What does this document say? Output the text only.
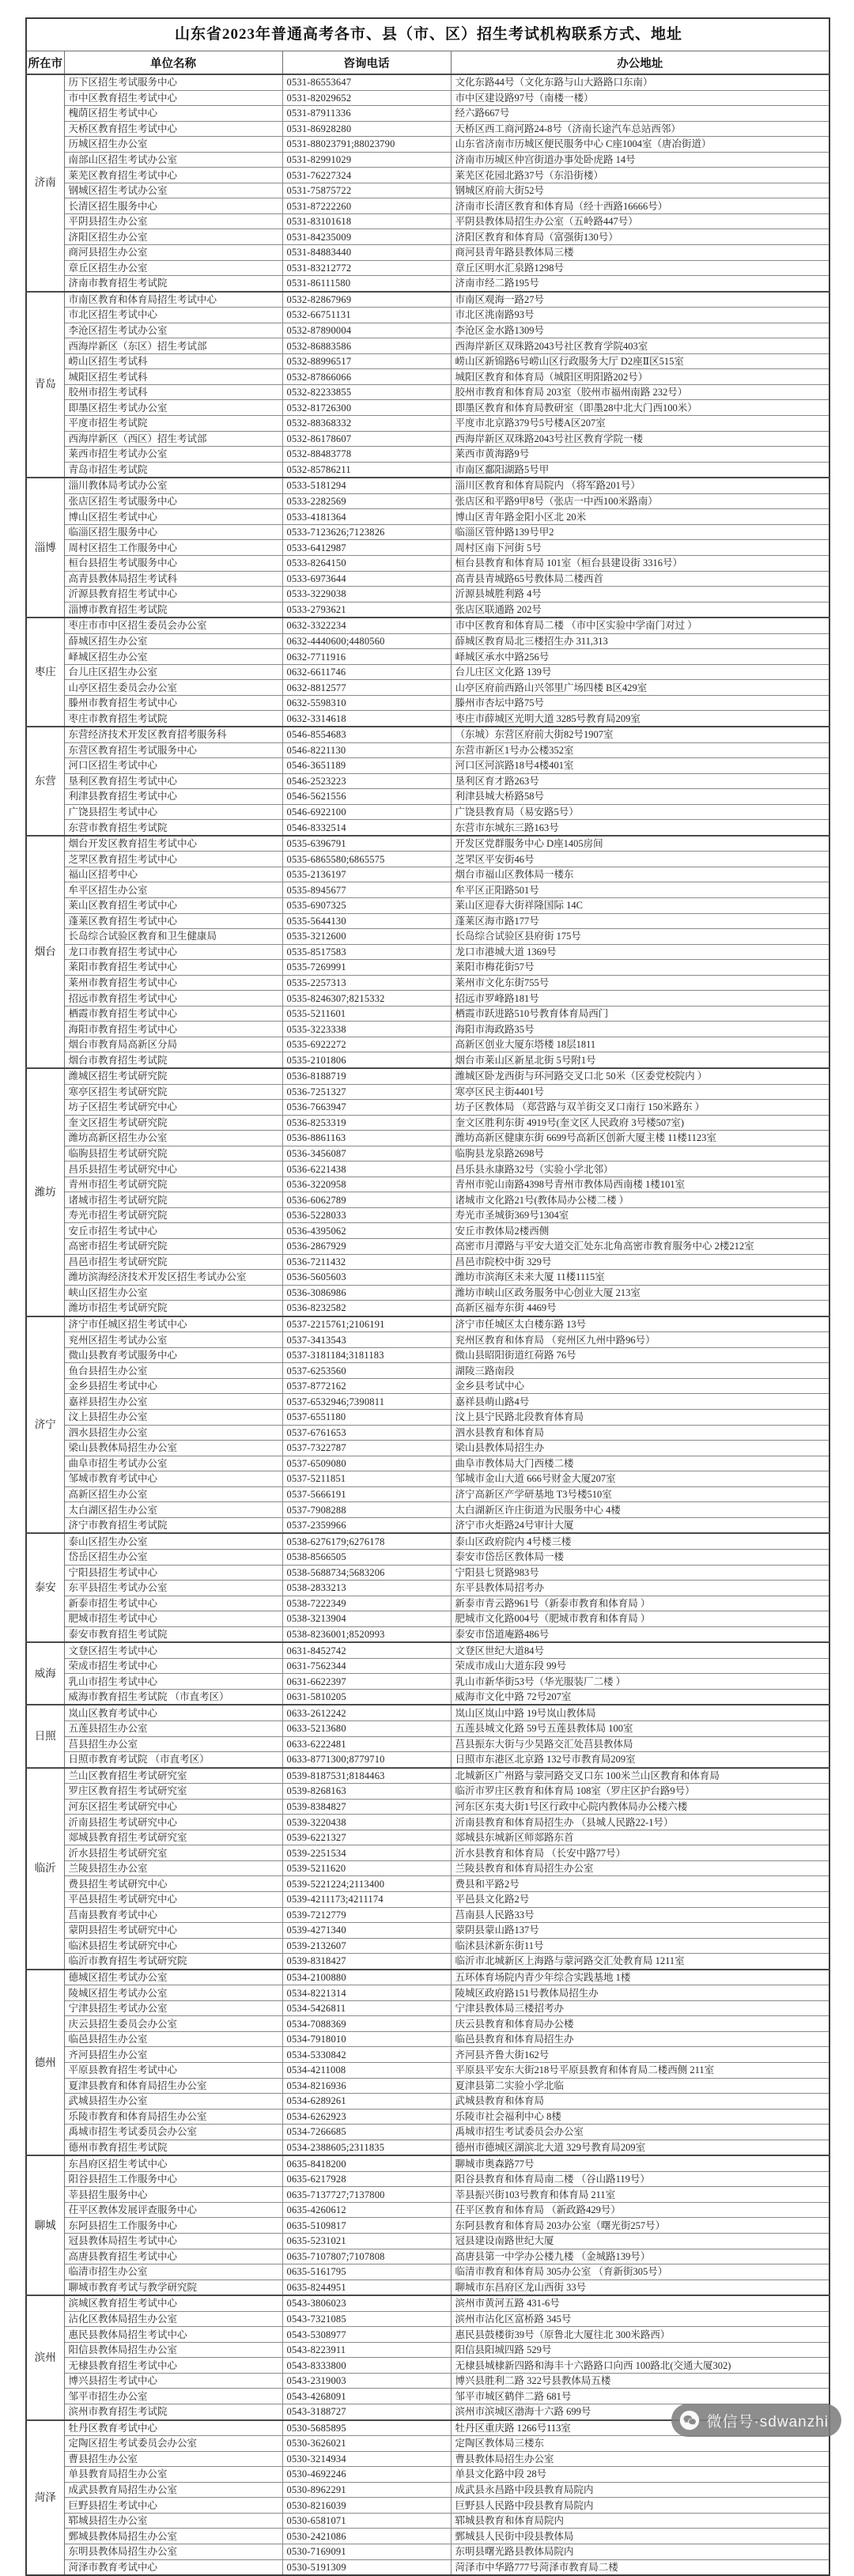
山东省2023年普通高考各市、县（市、区）招生考试机构联系方式、地址			
所在市	单位名称	咨询电话	办公地址
济南	历下区招生考试服务中心	0531-86553647	文化东路44号（文化东路与山大路路口东南）
	市中区教育招生考试中心	0531-82029652	市中区建设路97号（南楼一楼）
	槐荫区招生考试中心	0531-87911336	经六路667号
	天桥区教育招生考试中心	0531-86928280	天桥区西工商河路24-8号（济南长途汽车总站西邻）
	历城区招生办公室	0531-88023791;88023790	山东省济南市历城区便民服务中心 C座1004室（唐冶街道）
	南部山区招生考试办公室	0531-82991029	济南市历城区仲宫街道办事处卧虎路 14号
	莱芜区教育招生考试中心	0531-76227324	莱芜区花园北路37号（东沿街楼）
	钢城区招生考试办公室	0531-75875722	钢城区府前大街52号
	长清区招生服务中心	0531-87222260	济南市长清区教育和体育局（经十西路16666号）
	平阴县招生办公室	0531-83101618	平阴县教体局招生办公室（五岭路447号）
	济阳区招生办公室	0531-84235009	济阳区教育和体育局（富强街130号）
	商河县招生办公室	0531-84883440	商河县青年路县教体局三楼
	章丘区招生办公室	0531-83212772	章丘区明水汇泉路1298号
	济南市教育招生考试院	0531-86111580	济南市经二路195号
青岛	市南区教育和体育局招生考试中心	0532-82867969	市南区观海一路27号
	市北区招生考试中心	0532-66751131	市北区洮南路93号
	李沧区招生考试办公室	0532-87890004	李沧区金水路1309号
	西海岸新区（东区）招生考试部	0532-86883586	西海岸新区双珠路2043号社区教育学院403室
	崂山区招生考试科	0532-88996517	崂山区新锦路6号崂山区行政服务大厅 D2座Ⅱ区515室
	城阳区招生考试科	0532-87866066	城阳区教育和体育局（城阳区明阳路202号）
	胶州市招生考试科	0532-82233855	胶州市教育和体育局 203室（胶州市福州南路 232号）
	即墨区招生考试办公室	0532-81726300	即墨区教育和体育局教研室（即墨28中北大门西100米）
	平度市招生考试院	0532-88368332	平度市北京路379号5号楼A区207室
	西海岸新区（西区）招生考试部	0532-86178607	西海岸新区双珠路2043号社区教育学院一楼
	莱西市招生考试办公室	0532-88483778	莱西市黄海路9号
	青岛市招生考试院	0532-85786211	市南区鄱阳湖路5号甲
淄博	淄川教体局考试办公室	0533-5181294	淄川区教育和体育局院内 （将军路201号）
	张店区招生考试服务中心	0533-2282569	张店区和平路9甲8号（张店一中西100米路南）
	博山区招生考试中心	0533-4181364	博山区青年路金阳小区北 20米
	临淄区招生服务中心	0533-7123626;7123826	临淄区管仲路139号甲2
	周村区招生工作服务中心	0533-6412987	周村区南下河街 5号
	桓台县招生考试服务中心	0533-8264150	桓台县教育和体育局 101室（桓台县建设街 3316号）
	高青县教体局招生考试科	0533-6973644	高青县青城路65号教体局二楼西首
	沂源县教育招生考试中心	0533-3229038	沂源县城胜利路 4号
	淄博市教育招生考试院	0533-2793621	张店区联通路 202号
枣庄	枣庄市市中区招生委员会办公室	0632-3322234	市中区教育和体育局二楼 （市中区实验中学南门对过 ）
	薛城区招生办公室	0632-4440600;4480560	薛城区教育局北三楼招生办 311,313
	峄城区招生办公室	0632-7711916	峄城区承水中路256号
	台儿庄区招生办公室	0632-6611746	台儿庄区文化路 139号
	山亭区招生委员会办公室	0632-8812577	山亭区府前西路山兴邻里广场四楼 B区429室
	滕州市教育招生考试中心	0632-5598310	滕州市杏坛中路75号
	枣庄市教育招生考试院	0632-3314618	枣庄市薛城区光明大道 3285号教育局209室
东营	东营经济技术开发区教育招考服务科	0546-8554683	（东城）东营区府前大街82号1907室
	东营区教育招生考试服务中心	0546-8221130	东营市新区1号办公楼352室
	河口区招生考试中心	0546-3651189	河口区河滨路18号4楼401室
	垦利区教育招生考试中心	0546-2523223	垦利区育才路263号
	利津县教育招生考试中心	0546-5621556	利津县城大桥路58号
	广饶县招生考试中心	0546-6922100	广饶县教育局（易安路5号）
	东营市教育招生考试院	0546-8332514	东营市东城东三路163号
烟台	烟台开发区教育招生考试中心	0535-6396791	开发区党群服务中心 D座1405房间
	芝罘区教育招生考试中心	0535-6865580;6865575	芝罘区平安街46号
	福山区招考中心	0535-2136197	烟台市福山区教体局一楼东
	牟平区招生办公室	0535-8945677	牟平区正阳路501号
	莱山区教育招生考试中心	0535-6907325	莱山区迎春大街祥隆国际 14C
	蓬莱区教育招生考试中心	0535-5644130	蓬莱区海市路177号
	长岛综合试验区教育和卫生健康局	0535-3212600	长岛综合试验区县府街 175号
	龙口市教育招生考试中心	0535-8517583	龙口市港城大道 1369号
	莱阳市教育招生考试中心	0535-7269991	莱阳市梅花街57号
	莱州市教育招生考试中心	0535-2257313	莱州市文化东街755号
	招远市教育招生考试中心	0535-8246307;8215332	招远市罗峰路181号
	栖霞市教育招生考试中心	0535-5211601	栖霞市跃进路510号教育体育局西门
	海阳市教育招生考试中心	0535-3223338	海阳市海政路35号
	烟台市教育局高新区分局	0535-6922272	高新区创业大厦东塔楼 18层1811
	烟台市教育招生考试院	0535-2101806	烟台市莱山区新星北街 5号附1号
潍坊	潍城区招生考试研究院	0536-8188719	潍城区卧龙西街与环河路交叉口北 50米（区委党校院内 ）
	寒亭区招生考试研究院	0536-7251327	寒亭区民主街4401号
	坊子区招生考试研究中心	0536-7663947	坊子区教体局 （郑营路与双羊街交叉口南行 150米路东 ）
	奎文区招生考试研究院	0536-8253319	奎文区胜利东街 4919号(奎文区人民政府 3号楼507室)
	潍坊高新区招生办公室	0536-8861163	潍坊高新区健康东街 6699号高新区创新大厦主楼 11楼1123室
	临朐县招生考试研究院	0536-3456087	临朐县龙泉路2698号
	昌乐县招生考试研究中心	0536-6221438	昌乐县永康路32号（实验小学北邻）
	青州市招生考试研究院	0536-3220958	青州市驼山南路4398号青州市教体局西南楼 1楼101室
	诸城市招生考试研究院	0536-6062789	诸城市文化路21号(教体局办公楼二楼 ）
	寿光市招生考试研究院	0536-5228033	寿光市圣城街369号1304室
	安丘市招生考试中心	0536-4395062	安丘市教体局2楼西侧
	高密市招生考试研究院	0536-2867929	高密市月潭路与平安大道交汇处东北角高密市教育服务中心 2楼212室
	昌邑市招生考试研究院	0536-7211432	昌邑市院校中街 329号
	潍坊滨海经济技术开发区招生考试办公室	0536-5605603	潍坊市滨海区未来大厦 11楼1115室
	峡山区招生办公室	0536-3086986	潍坊市峡山区政务服务中心创业大厦 213室
	潍坊市招生考试研究院	0536-8232582	高新区福寿东街 4469号
济宁	济宁市任城区招生考试中心	0537-2215761;2106191	济宁市任城区太白楼东路 13号
	兖州区招生考试办公室	0537-3413543	兖州区教育和体育局 （兖州区九州中路96号）
	微山县教育考试服务中心	0537-3181184;3181183	微山县昭阳街道红荷路 76号
	鱼台县招生办公室	0537-6253560	湖陵三路南段
	金乡县招生考试中心	0537-8772162	金乡县考试中心
	嘉祥县招生办公室	0537-6532946;7390811	嘉祥县萌山路4号
	汶上县招生办公室	0537-6551180	汶上县宁民路北段教育体育局
	泗水县招生办公室	0537-6761653	泗水县教育和体育局
	梁山县教体局招生办公室	0537-7322787	梁山县教体局招生办
	曲阜市招生考试办公室	0537-6509080	曲阜市教体局大门西楼二楼
	邹城市教育考试中心	0537-5211851	邹城市金山大道 666号财金大厦207室
	高新区招生办公室	0537-5666191	济宁高新区产学研基地 T3号楼510室
	太白湖区招生办公室	0537-7908288	太白湖新区许庄街道为民服务中心 4楼
	济宁市教育招生考试院	0537-2359966	济宁市火炬路24号审计大厦
泰安	泰山区招生办公室	0538-6276179;6276178	泰山区政府院内 4号楼三楼
	岱岳区招生办公室	0538-8566505	泰安市岱岳区教体局一楼
	宁阳县招生考试中心	0538-5688734;5683206	宁阳县七贤路983号
	东平县招生考试办公室	0538-2833213	东平县教体局招考办
	新泰市招生考试中心	0538-7222349	新泰市青云路961号（新泰市教育和体育局 ）
	肥城市招生考试中心	0538-3213904	肥城市文化路004号（肥城市教育和体育局 ）
	泰安市教育招生考试院	0538-8236001;8520993	泰安市岱道庵路486号
威海	文登区招生考试中心	0631-8452742	文登区世纪大道84号
	荣成市招生考试中心	0631-7562344	荣成市成山大道东段 99号
	乳山市招生考试中心	0631-6622397	乳山市新华街53号（华光服装厂二楼 ）
	威海市教育招生考试院 （市直考区）	0631-5810205	威海市文化中路 72号207室
日照	岚山区教育考试中心	0633-2612242	岚山区岚山中路 19号岚山教体局
	五莲县招生办公室	0633-5213680	五莲县城文化路 59号五莲县教体局 100室
	莒县招生办公室	0633-6222481	莒县振东大街与少昊路交汇处莒县教体局
	日照市教育考试院 （市直考区）	0633-8771300;8779710	日照市东港区北京路 132号市教育局209室
临沂	兰山区教育招生考试研究室	0539-8187531;8184463	北城新区广州路与蒙河路交叉口东 100米兰山区教育和体育局
	罗庄区教育招生考试研究室	0539-8268163	临沂市罗庄区教育和体育局 108室（罗庄区护台路9号）
	河东区招生考试研究中心	0539-8384827	河东区东夷大街1号区行政中心院内教体局办公楼六楼
	沂南县招生考试研究中心	0539-3220438	沂南县教育和体育局招生办 （县城人民路22-1号）
	郯城县教育招生考试研究室	0539-6221327	郯城县东城新区师郯路东首
	沂水县招生考试研究室	0539-2251534	沂水县教育和体育局 （长安中路77号）
	兰陵县招生办公室	0539-5211620	兰陵县教育和体育局招生办公室
	费县招生考试研究中心	0539-5221224;2113400	费县和平路2号
	平邑县招生考试研究中心	0539-4211173;4211174	平邑县文化路2号
	莒南县教育考试中心	0539-7212779	莒南县人民路33号
	蒙阴县招生考试研究中心	0539-4271340	蒙阴县蒙山路137号
	临沭县招生考试研究中心	0539-2132607	临沭县沭新东街11号
	临沂市教育招生考试研究院	0539-8318427	临沂市北城新区上海路与蒙河路交汇处教育局 1211室
德州	德城区招生考试办公室	0534-2100880	五环体育场院内青少年综合实践基地 1楼
	陵城区招生考试办公室	0534-8221314	陵城区政府路151号教体局招生办
	宁津县招生考试办公室	0534-5426811	宁津县教体局三楼招考办
	庆云县招生委员会办公室	0534-7088369	庆云县教育和体育局办公楼
	临邑县招生办公室	0534-7918010	临邑县教育和体育局招生办
	齐河县招生办公室	0534-5330842	齐河县齐鲁大街162号
	平原县教育招生考试中心	0534-4211008	平原县平安东大街218号平原县教育和体育局二楼西侧 211室
	夏津县教育和体育局招生办公室	0534-8216936	夏津县第二实验小学北临
	武城县招生办公室	0534-6289261	武城县教育和体育局
	乐陵市教育和体育局招生办公室	0534-6262923	乐陵市社会福利中心 8楼
	禹城市招生考试委员会办公室	0534-7266685	禹城市招生考试委员会办公室
	德州市教育招生考试院	0534-2388605;2311835	德州市德城区湖滨北大道 329号教育局209室
聊城	东昌府区招生考试中心	0635-8418200	聊城市奥森路77号
	阳谷县招生工作服务中心	0635-6217928	阳谷县教育和体育局南二楼 （谷山路119号）
	莘县招生服务中心	0635-7137727;7137800	莘县振兴街103号教育和体育局 211室
	茌平区教体发展评查服务中心	0635-4260612	茌平区教育和体育局 （新政路429号）
	东阿县招生工作服务中心	0635-5109817	东阿县教育和体育局 203办公室（曙光街257号）
	冠县教体局招生考试中心	0635-5231021	冠县建设南路世纪大厦
	高唐县教育招生考试中心	0635-7107807;7107808	高唐县第一中学办公楼九楼 （金城路139号）
	临清市招生办公室	0635-5161795	临清市教育和体育局 305办公室 （育新街305号）
	聊城市教育考试与教学研究院	0635-8244951	聊城市东昌府区龙山西街 33号
滨州	滨城区教育招生考试中心	0543-3806023	滨州市黄河五路 431-6号
	沾化区教体局招生办公室	0543-7321085	滨州市沾化区富桥路 345号
	惠民县教体局招生考试中心	0543-5308977	惠民县鼓楼街39号（原鲁北大厦往北 300米路西）
	阳信县教体局招生办公室	0543-8223911	阳信县阳城四路 529号
	无棣县教育招生考试中心	0543-8333800	无棣县城棣新四路和海丰十六路路口向西 100路北(交通大厦302)
	博兴县招生考试中心	0543-2319003	博兴县胜利二路 322号县教体局五楼
	邹平市招生办公室	0543-4268091	邹平市城区鹤伴二路 681号
	滨州市教育招生考试院	0543-3188727	滨州市滨城区渤海十六路 699号
菏泽	牡丹区教育考试中心	0530-5685895	牡丹区重庆路 1266号113室
	定陶区招生考试委员会办公室	0530-3626021	定陶区教体局三楼东
	曹县招生办公室	0530-3214934	曹县教体局招生办公室
	单县教育局招生办公室	0530-4692246	单县文化路中段 28号
	成武县教育局招生办公室	0530-8962291	成武县永昌路中段县教育局院内
	巨野县招生考试中心	0530-8216039	巨野县人民路中段县教育局院内
	郓城县招生办公室	0530-6581071	郓城县教育和体育局院内
	鄄城县教体局招生办公室	0530-2421086	鄄城县人民街中段县教体局
	东明县教体局招生办公室	0530-7169091	东明县曙光路县教体局院内
	菏泽市教育考试中心	0530-5191309	菏泽市中华路777号菏泽市教育局二楼
微信号·sdwanzhi
